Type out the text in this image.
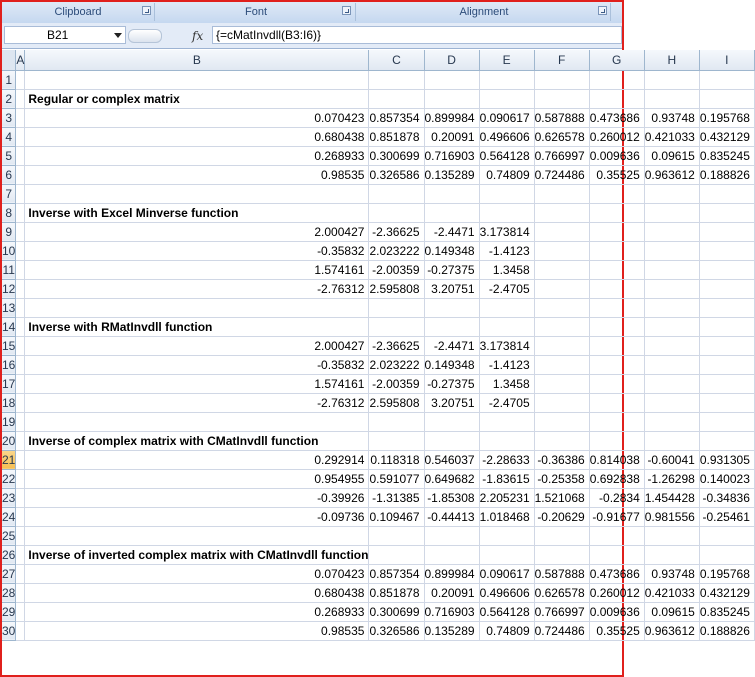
Clipboard	Font	Alignment
B21	fx	{=cMatInvdll(B3:I6)}
	A	B	C	D	E	F	G	H	I
1									
2		Regular or complex matrix							
3		0.070423	0.857354	0.899984	0.090617	0.587888	0.473686	0.93748	0.195768
4		0.680438	0.851878	0.20091	0.496606	0.626578	0.260012	0.421033	0.432129
5		0.268933	0.300699	0.716903	0.564128	0.766997	0.009636	0.09615	0.835245
6		0.98535	0.326586	0.135289	0.74809	0.724486	0.35525	0.963612	0.188826
7									
8		Inverse with Excel Minverse function							
9		2.000427	-2.36625	-2.4471	3.173814				
10		-0.35832	2.023222	0.149348	-1.4123				
11		1.574161	-2.00359	-0.27375	1.3458				
12		-2.76312	2.595808	3.20751	-2.4705				
13									
14		Inverse with RMatInvdll function							
15		2.000427	-2.36625	-2.4471	3.173814				
16		-0.35832	2.023222	0.149348	-1.4123				
17		1.574161	-2.00359	-0.27375	1.3458				
18		-2.76312	2.595808	3.20751	-2.4705				
19									
20		Inverse of complex matrix with CMatInvdll function							
21		0.292914	0.118318	0.546037	-2.28633	-0.36386	0.814038	-0.60041	0.931305
22		0.954955	0.591077	0.649682	-1.83615	-0.25358	0.692838	-1.26298	0.140023
23		-0.39926	-1.31385	-1.85308	2.205231	1.521068	-0.2834	1.454428	-0.34836
24		-0.09736	0.109467	-0.44413	1.018468	-0.20629	-0.91677	0.981556	-0.25461
25									
26		Inverse of inverted complex matrix with CMatInvdll function							
27		0.070423	0.857354	0.899984	0.090617	0.587888	0.473686	0.93748	0.195768
28		0.680438	0.851878	0.20091	0.496606	0.626578	0.260012	0.421033	0.432129
29		0.268933	0.300699	0.716903	0.564128	0.766997	0.009636	0.09615	0.835245
30		0.98535	0.326586	0.135289	0.74809	0.724486	0.35525	0.963612	0.188826
